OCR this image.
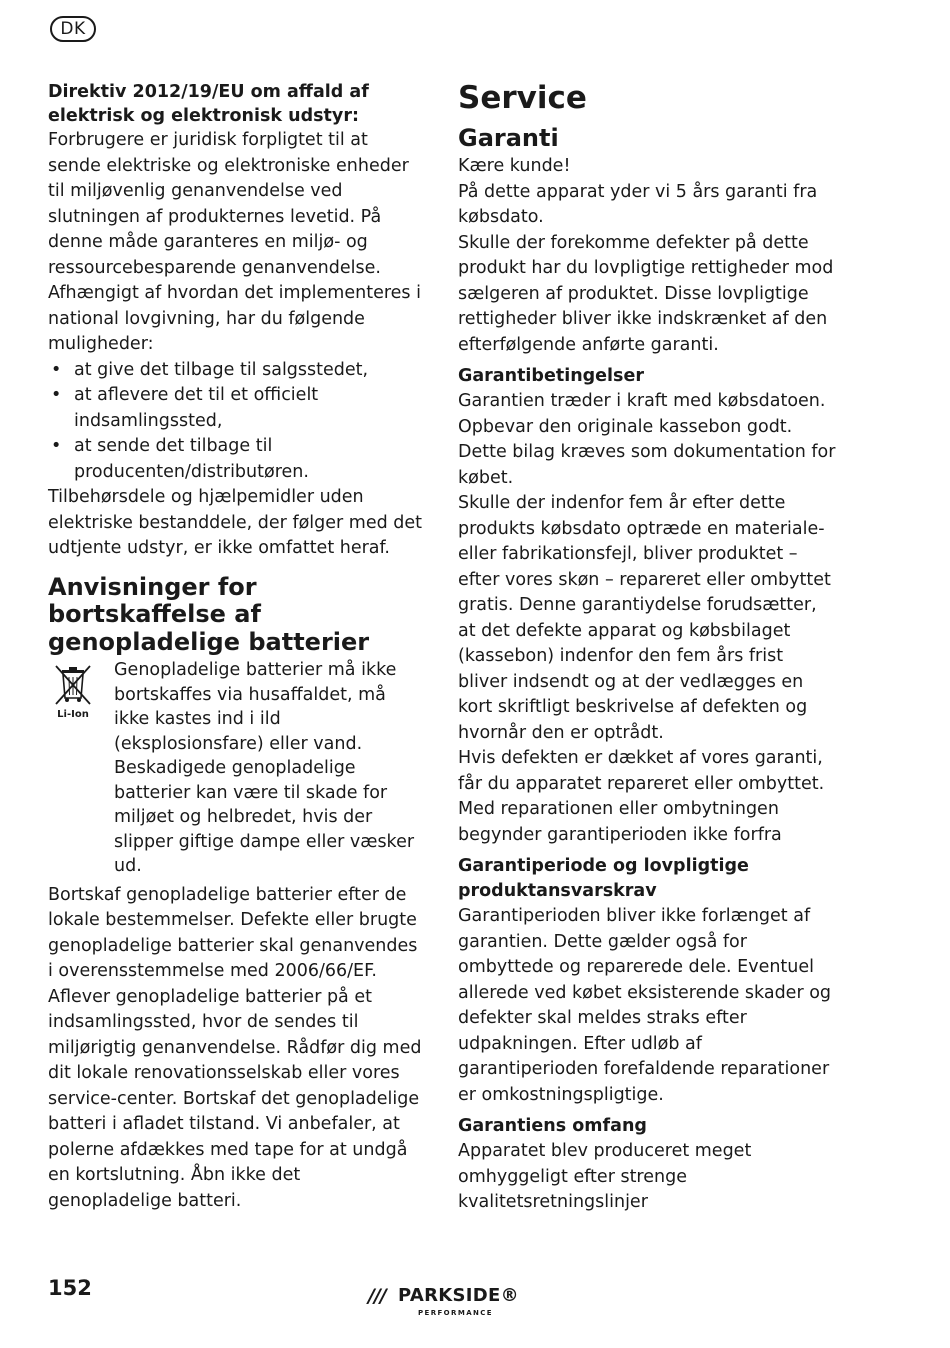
DK
Direktiv 2012/19/EU om affald af elektrisk og elektronisk udstyr:

Forbrugere er juridisk forpligtet til at sende elektriske og elektroniske enheder til miljøvenlig genanvendelse ved slutningen af produkternes levetid. På denne måde garanteres en miljø- og ressourcebesparende genanvendelse.

Afhængigt af hvordan det implementeres i national lovgivning, har du følgende muligheder:

• at give det tilbage til salgsstedet,
• at aflevere det til et officielt indsamlingssted,
• at sende det tilbage til producenten/distributøren.

Tilbehørsdele og hjælpemidler uden elektriske bestanddele, der følger med det udtjente udstyr, er ikke omfattet heraf.

Anvisninger for bortskaffelse af genopladelige batterier
Li-Ion

Genopladelige batterier må ikke bortskaffes via husaffaldet, må ikke kastes ind i ild (eksplosionsfare) eller vand. Beskadigede genopladelige batterier kan være til skade for miljøet og helbredet, hvis der slipper giftige dampe eller væsker ud.

Bortskaf genopladelige batterier efter de lokale bestemmelser. Defekte eller brugte genopladelige batterier skal genanvendes i overensstemmelse med 2006/66/EF. Aflever genopladelige batterier på et indsamlingssted, hvor de sendes til miljørigtig genanvendelse. Rådfør dig med dit lokale renovationsselskab eller vores service-center. Bortskaf det genopladelige batteri i afladet tilstand. Vi anbefaler, at polerne afdækkes med tape for at undgå en kortslutning. Åbn ikke det genopladelige batteri.

Service
Garanti

Kære kunde!

På dette apparat yder vi 5 års garanti fra købsdato.

Skulle der forekomme defekter på dette produkt har du lovpligtige rettigheder mod sælgeren af produktet. Disse lovpligtige rettigheder bliver ikke indskrænket af den efterfølgende anførte garanti.

Garantibetingelser

Garantien træder i kraft med købsdatoen. Opbevar den originale kassebon godt. Dette bilag kræves som dokumentation for købet.

Skulle der indenfor fem år efter dette produkts købsdato optræde en materiale- eller fabrikationsfejl, bliver produktet – efter vores skøn – repareret eller ombyttet gratis. Denne garantiydelse forudsætter, at det defekte apparat og købsbilaget (kassebon) indenfor den fem års frist bliver indsendt og at der vedlægges en kort skriftligt beskrivelse af defekten og hvornår den er optrådt.

Hvis defekten er dækket af vores garanti, får du apparatet repareret eller ombyttet. Med reparationen eller ombytningen begynder garantiperioden ikke forfra

Garantiperiode og lovpligtige produktansvarskrav

Garantiperioden bliver ikke forlænget af garantien. Dette gælder også for ombyttede og reparerede dele. Eventuel allerede ved købet eksisterende skader og defekter skal meldes straks efter udpakningen. Efter udløb af garantiperioden forefaldende reparationer er omkostningspligtige.

Garantiens omfang

Apparatet blev produceret meget omhyggeligt efter strenge kvalitetsretningslinjer

152	/// PARKSIDE®
PERFORMANCE
